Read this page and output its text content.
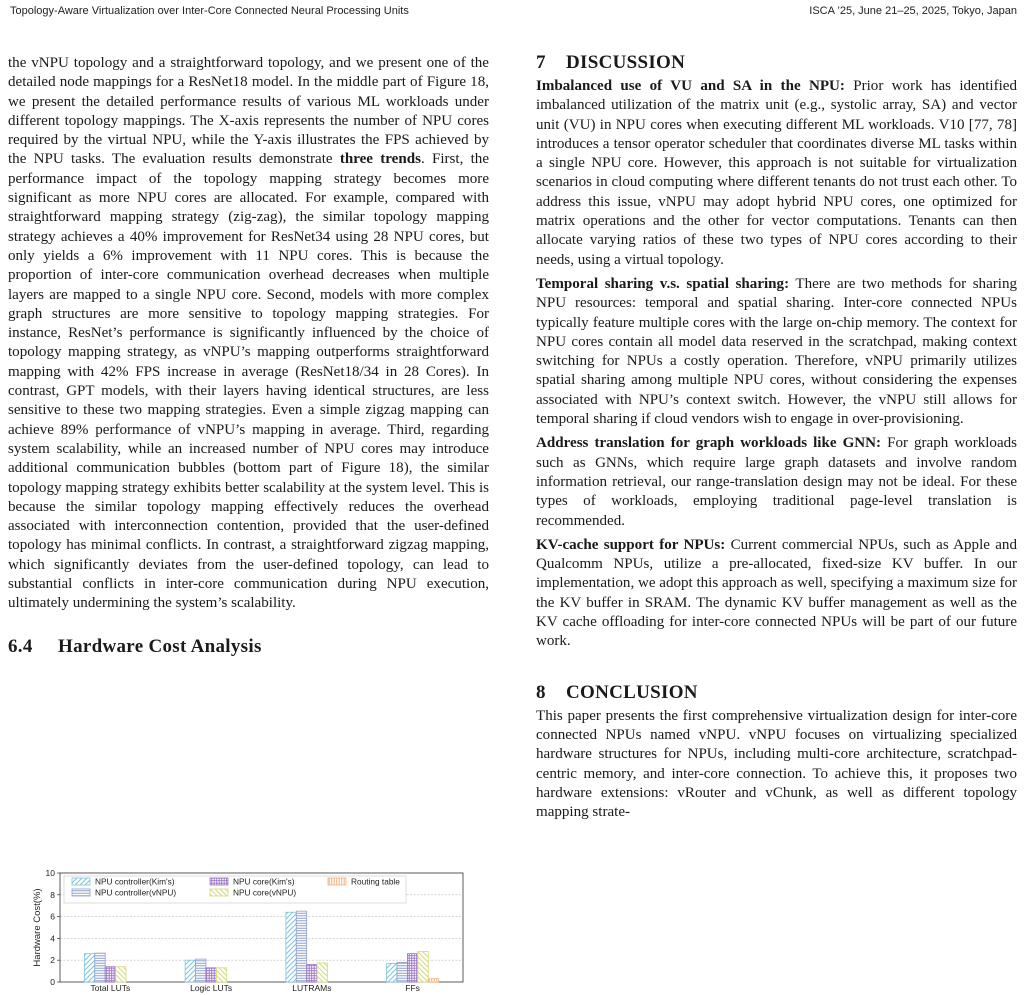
Topology-Aware Virtualization over Inter-Core Connected Neural Processing Units	ISCA ’25, June 21–25, 2025, Tokyo, Japan

the vNPU topology and a straightforward topology, and we present one of the detailed node mappings for a ResNet18 model. In the middle part of Figure 18, we present the detailed performance results of various ML workloads under different topology mappings. The X-axis represents the number of NPU cores required by the virtual NPU, while the Y-axis illustrates the FPS achieved by the NPU tasks. The evaluation results demonstrate three trends. First, the performance impact of the topology mapping strategy becomes more significant as more NPU cores are allocated. For example, compared with straightforward mapping strategy (zig-zag), the similar topology mapping strategy achieves a 40% improvement for ResNet34 using 28 NPU cores, but only yields a 6% improvement with 11 NPU cores. This is because the proportion of inter-core communication overhead decreases when multiple layers are mapped to a single NPU core. Second, models with more complex graph structures are more sensitive to topology mapping strategies. For instance, ResNet’s performance is significantly influenced by the choice of topology mapping strategy, as vNPU’s mapping outperforms straightforward mapping with 42% FPS increase in average (ResNet18/34 in 28 Cores). In contrast, GPT models, with their layers having identical structures, are less sensitive to these two mapping strategies. Even a simple zigzag mapping can achieve 89% performance of vNPU’s mapping in average. Third, regarding system scalability, while an increased number of NPU cores may introduce additional communication bubbles (bottom part of Figure 18), the similar topology mapping strategy exhibits better scalability at the system level. This is because the similar topology mapping effectively reduces the overhead associated with interconnection contention, provided that the user-defined topology has minimal conflicts. In contrast, a straightforward zigzag mapping, which significantly deviates from the user-defined topology, can lead to substantial conflicts in inter-core communication during NPU execution, ultimately undermining the system’s scalability.

6.4 Hardware Cost Analysis
0
2
4
6
8
10
Hardware Cost(%)
Total LUTs	Logic LUTs	LUTRAMs	FFs
NPU controller(Kim's)
NPU controller(vNPU)
NPU core(Kim's)
NPU core(vNPU)
Routing table
7 DISCUSSION

Imbalanced use of VU and SA in the NPU: Prior work has identified imbalanced utilization of the matrix unit (e.g., systolic array, SA) and vector unit (VU) in NPU cores when executing different ML workloads. V10 [77, 78] introduces a tensor operator scheduler that coordinates diverse ML tasks within a single NPU core. However, this approach is not suitable for virtualization scenarios in cloud computing where different tenants do not trust each other. To address this issue, vNPU may adopt hybrid NPU cores, one optimized for matrix operations and the other for vector computations. Tenants can then allocate varying ratios of these two types of NPU cores according to their needs, using a virtual topology.

Temporal sharing v.s. spatial sharing: There are two methods for sharing NPU resources: temporal and spatial sharing. Inter-core connected NPUs typically feature multiple cores with the large on-chip memory. The context for NPU cores contain all model data reserved in the scratchpad, making context switching for NPUs a costly operation. Therefore, vNPU primarily utilizes spatial sharing among multiple NPU cores, without considering the expenses associated with NPU’s context switch. However, the vNPU still allows for temporal sharing if cloud vendors wish to engage in over-provisioning.

Address translation for graph workloads like GNN: For graph workloads such as GNNs, which require large graph datasets and involve random information retrieval, our range-translation design may not be ideal. For these types of workloads, employing traditional page-level translation is recommended.

KV-cache support for NPUs: Current commercial NPUs, such as Apple and Qualcomm NPUs, utilize a pre-allocated, fixed-size KV buffer. In our implementation, we adopt this approach as well, specifying a maximum size for the KV buffer in SRAM. The dynamic KV buffer management as well as the KV cache offloading for inter-core connected NPUs will be part of our future work.

8 CONCLUSION

This paper presents the first comprehensive virtualization design for inter-core connected NPUs named vNPU. vNPU focuses on virtualizing specialized hardware structures for NPUs, including multi-core architecture, scratchpad-centric memory, and inter-core connection. To achieve this, it proposes two hardware extensions: vRouter and vChunk, as well as different topology mapping strate-
